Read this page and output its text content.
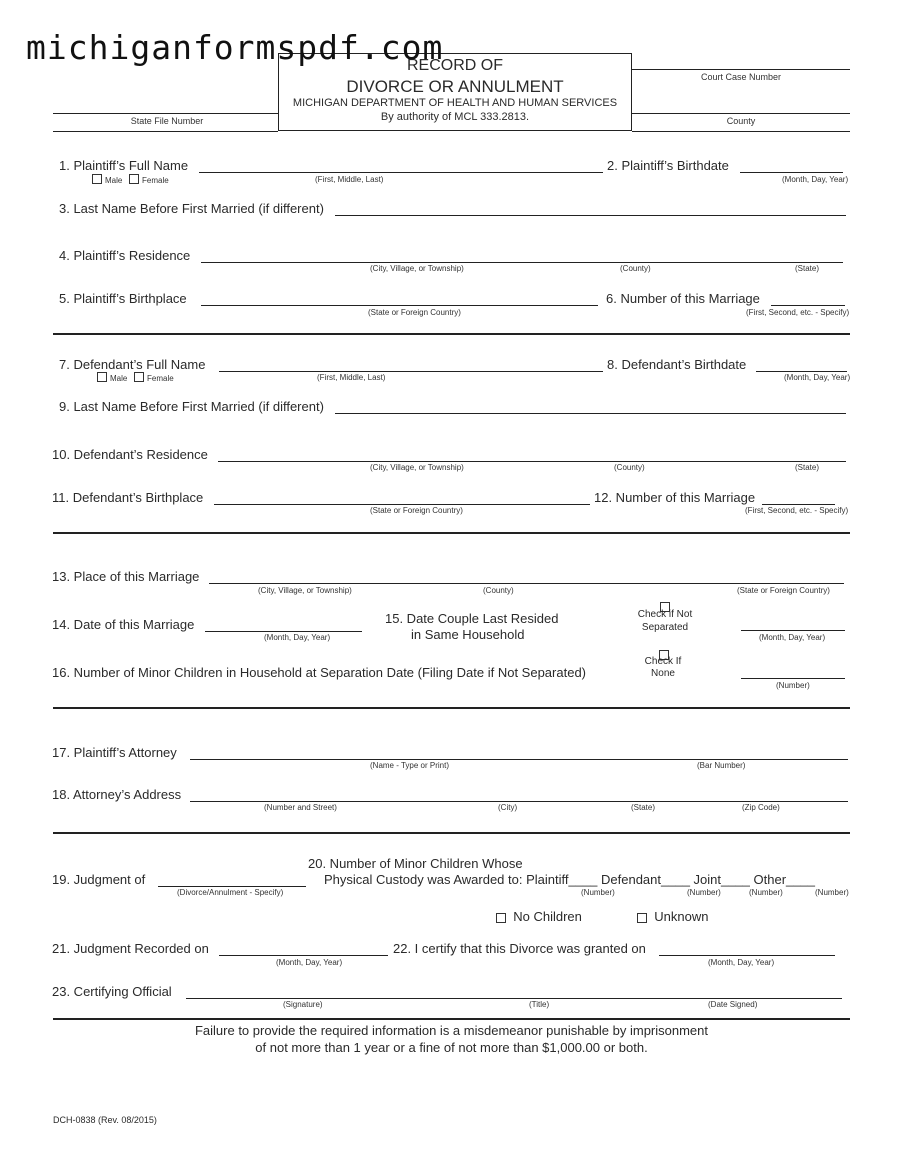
State File Number
RECORD OF
DIVORCE OR ANNULMENT
MICHIGAN DEPARTMENT OF HEALTH AND HUMAN SERVICES
By authority of MCL 333.2813.
Court Case Number
County
michiganformspdf.com
1. Plaintiff’s Full Name
Male Female	(First, Middle, Last)
2. Plaintiff’s Birthdate
(Month, Day, Year)
3. Last Name Before First Married (if different)
4. Plaintiff’s Residence
(City, Village, or Township)	(County)	(State)
5. Plaintiff’s Birthplace
(State or Foreign Country)
6. Number of this Marriage
(First, Second, etc. - Specify)
7. Defendant’s Full Name
Male Female	(First, Middle, Last)
8. Defendant’s Birthdate
(Month, Day, Year)
9. Last Name Before First Married (if different)
10. Defendant’s Residence
(City, Village, or Township)	(County)	(State)
11. Defendant’s Birthplace
(State or Foreign Country)
12. Number of this Marriage
(First, Second, etc. - Specify)
13. Place of this Marriage
(City, Village, or Township)	(County)	(State or Foreign Country)
14. Date of this Marriage
(Month, Day, Year)
15. Date Couple Last Resided
in Same Household
Check if Not
Separated
(Month, Day, Year)
Check If
None
16. Number of Minor Children in Household at Separation Date (Filing Date if Not Separated)
(Number)
17. Plaintiff’s Attorney
(Name - Type or Print)	(Bar Number)
18. Attorney’s Address
(Number and Street)	(City)	(State)	(Zip Code)
20. Number of Minor Children Whose
19. Judgment of
(Divorce/Annulment - Specify)
Physical Custody was Awarded to: Plaintiff____ Defendant____ Joint____ Other____
(Number)	(Number)	(Number)	(Number)
No Children	Unknown
21. Judgment Recorded on
(Month, Day, Year)
22. I certify that this Divorce was granted on
(Month, Day, Year)
23. Certifying Official
(Signature)	(Title)	(Date Signed)
Failure to provide the required information is a misdemeanor punishable by imprisonment
of not more than 1 year or a fine of not more than $1,000.00 or both.
DCH-0838 (Rev. 08/2015)
